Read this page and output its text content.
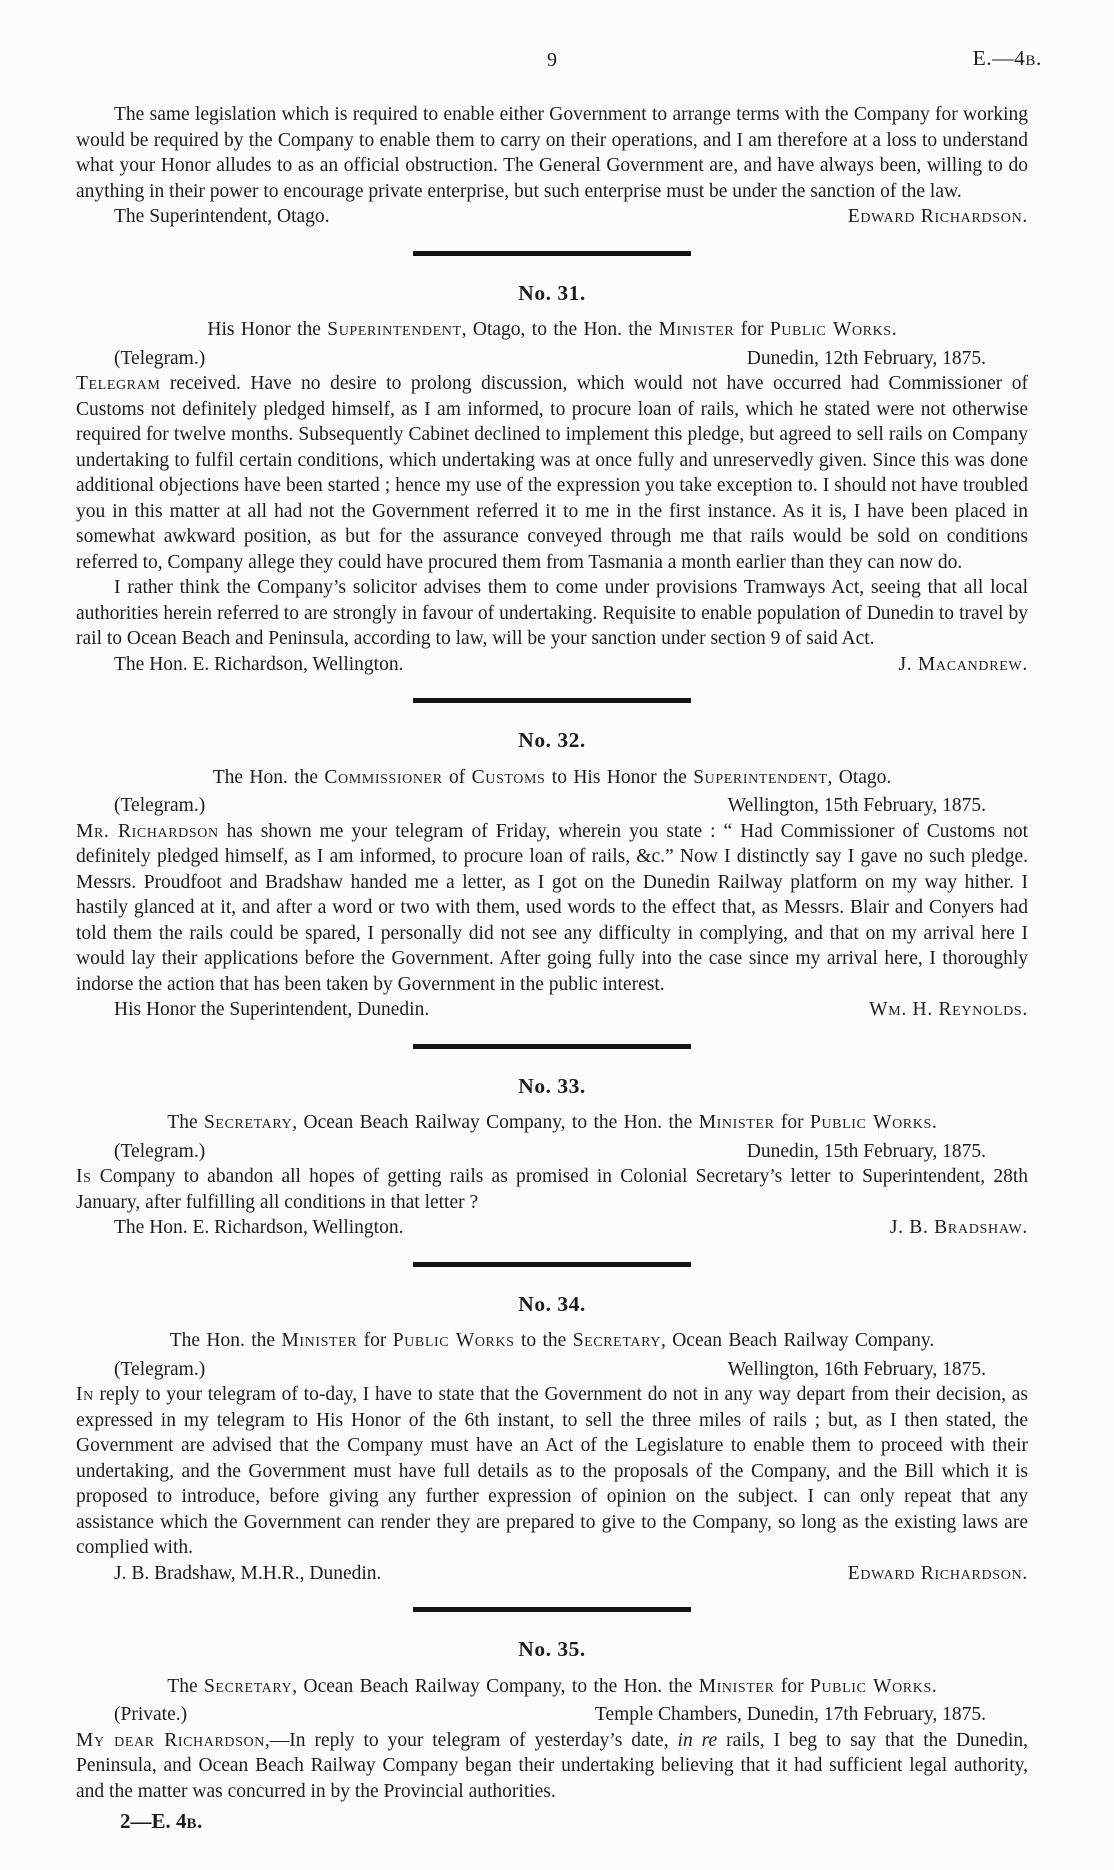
9	E.—4b.

The same legislation which is required to enable either Government to arrange terms with the Company for working would be required by the Company to enable them to carry on their operations, and I am therefore at a loss to understand what your Honor alludes to as an official obstruction. The General Government are, and have always been, willing to do anything in their power to encourage private enterprise, but such enterprise must be under the sanction of the law.

The Superintendent, Otago.	Edward Richardson.
No. 31.
His Honor the Superintendent, Otago, to the Hon. the Minister for Public Works.
(Telegram.)	Dunedin, 12th February, 1875.

Telegram received. Have no desire to prolong discussion, which would not have occurred had Commissioner of Customs not definitely pledged himself, as I am informed, to procure loan of rails, which he stated were not otherwise required for twelve months. Subsequently Cabinet declined to implement this pledge, but agreed to sell rails on Company undertaking to fulfil certain conditions, which undertaking was at once fully and unreservedly given. Since this was done additional objections have been started ; hence my use of the expression you take exception to. I should not have troubled you in this matter at all had not the Government referred it to me in the first instance. As it is, I have been placed in somewhat awkward position, as but for the assurance conveyed through me that rails would be sold on conditions referred to, Company allege they could have procured them from Tasmania a month earlier than they can now do.

I rather think the Company’s solicitor advises them to come under provisions Tramways Act, seeing that all local authorities herein referred to are strongly in favour of undertaking. Requisite to enable population of Dunedin to travel by rail to Ocean Beach and Peninsula, according to law, will be your sanction under section 9 of said Act.

The Hon. E. Richardson, Wellington.	J. Macandrew.
No. 32.
The Hon. the Commissioner of Customs to His Honor the Superintendent, Otago.
(Telegram.)	Wellington, 15th February, 1875.

Mr. Richardson has shown me your telegram of Friday, wherein you state : “ Had Commissioner of Customs not definitely pledged himself, as I am informed, to procure loan of rails, &c.” Now I distinctly say I gave no such pledge. Messrs. Proudfoot and Bradshaw handed me a letter, as I got on the Dunedin Railway platform on my way hither. I hastily glanced at it, and after a word or two with them, used words to the effect that, as Messrs. Blair and Conyers had told them the rails could be spared, I personally did not see any difficulty in complying, and that on my arrival here I would lay their applications before the Government. After going fully into the case since my arrival here, I thoroughly indorse the action that has been taken by Government in the public interest.

His Honor the Superintendent, Dunedin.	Wm. H. Reynolds.
No. 33.
The Secretary, Ocean Beach Railway Company, to the Hon. the Minister for Public Works.
(Telegram.)	Dunedin, 15th February, 1875.

Is Company to abandon all hopes of getting rails as promised in Colonial Secretary’s letter to Superintendent, 28th January, after fulfilling all conditions in that letter ?

The Hon. E. Richardson, Wellington.	J. B. Bradshaw.
No. 34.
The Hon. the Minister for Public Works to the Secretary, Ocean Beach Railway Company.
(Telegram.)	Wellington, 16th February, 1875.

In reply to your telegram of to-day, I have to state that the Government do not in any way depart from their decision, as expressed in my telegram to His Honor of the 6th instant, to sell the three miles of rails ; but, as I then stated, the Government are advised that the Company must have an Act of the Legislature to enable them to proceed with their undertaking, and the Government must have full details as to the proposals of the Company, and the Bill which it is proposed to introduce, before giving any further expression of opinion on the subject. I can only repeat that any assistance which the Government can render they are prepared to give to the Company, so long as the existing laws are complied with.

J. B. Bradshaw, M.H.R., Dunedin.	Edward Richardson.
No. 35.
The Secretary, Ocean Beach Railway Company, to the Hon. the Minister for Public Works.
(Private.)	Temple Chambers, Dunedin, 17th February, 1875.

My dear Richardson,—In reply to your telegram of yesterday’s date, in re rails, I beg to say that the Dunedin, Peninsula, and Ocean Beach Railway Company began their undertaking believing that it had sufficient legal authority, and the matter was concurred in by the Provincial authorities.

2—E. 4b.
